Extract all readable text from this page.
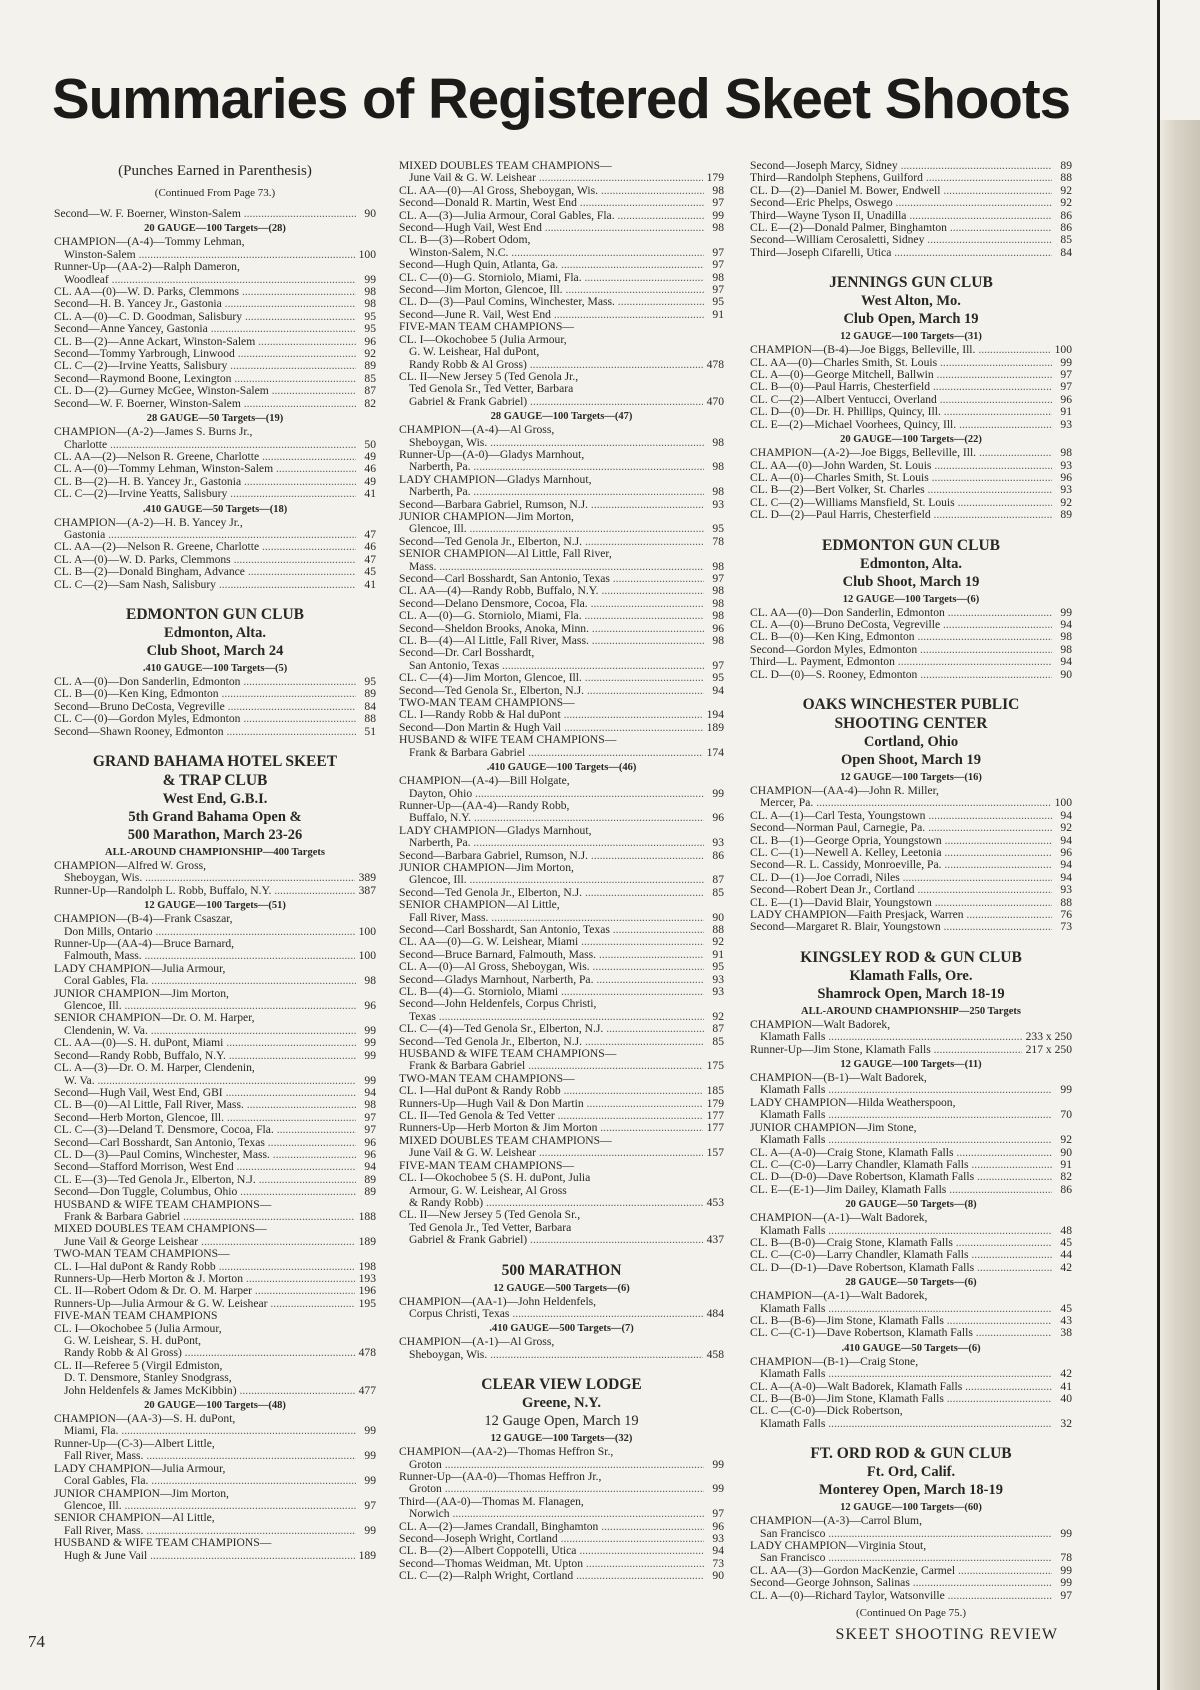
Summaries of Registered Skeet Shoots
(Punches Earned in Parenthesis)
(Continued From Page 73.)
Second—W. F. Boerner, Winston-Salem .....	90
20 GAUGE—100 Targets—(28)
CHAMPION—(A-4)—Tommy Lehman,
Winston-Salem .....	100
Runner-Up—(AA-2)—Ralph Dameron,
Woodleaf .....	99
CL. AA—(0)—W. D. Parks, Clemmons .....	98
Second—H. B. Yancey Jr., Gastonia .....	98
CL. A—(0)—C. D. Goodman, Salisbury .....	95
Second—Anne Yancey, Gastonia .....	95
CL. B—(2)—Anne Ackart, Winston-Salem .....	96
Second—Tommy Yarbrough, Linwood .....	92
CL. C—(2)—Irvine Yeatts, Salisbury .....	89
Second—Raymond Boone, Lexington .....	85
CL. D—(2)—Gurney McGee, Winston-Salem .....	87
Second—W. F. Boerner, Winston-Salem .....	82
28 GAUGE—50 Targets—(19)
CHAMPION—(A-2)—James S. Burns Jr.,
Charlotte .....	50
CL. AA—(2)—Nelson R. Greene, Charlotte .....	49
CL. A—(0)—Tommy Lehman, Winston-Salem .....	46
CL. B—(2)—H. B. Yancey Jr., Gastonia .....	49
CL. C—(2)—Irvine Yeatts, Salisbury .....	41
.410 GAUGE—50 Targets—(18)
CHAMPION—(A-2)—H. B. Yancey Jr.,
Gastonia .....	47
CL. AA—(2)—Nelson R. Greene, Charlotte .....	46
CL. A—(0)—W. D. Parks, Clemmons .....	47
CL. B—(2)—Donald Bingham, Advance .....	45
CL. C—(2)—Sam Nash, Salisbury .....	41
EDMONTON GUN CLUB
Edmonton, Alta.
Club Shoot, March 24
.410 GAUGE—100 Targets—(5)
CL. A—(0)—Don Sanderlin, Edmonton .....	95
CL. B—(0)—Ken King, Edmonton .....	89
Second—Bruno DeCosta, Vegreville .....	84
CL. C—(0)—Gordon Myles, Edmonton .....	88
Second—Shawn Rooney, Edmonton .....	51
GRAND BAHAMA HOTEL SKEET
& TRAP CLUB
West End, G.B.I.
5th Grand Bahama Open &
500 Marathon, March 23-26
ALL-AROUND CHAMPIONSHIP—400 Targets
CHAMPION—Alfred W. Gross,
Sheboygan, Wis. .....	389
Runner-Up—Randolph L. Robb, Buffalo, N.Y. .....	387
12 GAUGE—100 Targets—(51)
CHAMPION—(B-4)—Frank Csaszar,
Don Mills, Ontario .....	100
Runner-Up—(AA-4)—Bruce Barnard,
Falmouth, Mass. .....	100
LADY CHAMPION—Julia Armour,
Coral Gables, Fla. .....	98
JUNIOR CHAMPION—Jim Morton,
Glencoe, Ill. .....	96
SENIOR CHAMPION—Dr. O. M. Harper,
Clendenin, W. Va. .....	99
CL. AA—(0)—S. H. duPont, Miami .....	99
Second—Randy Robb, Buffalo, N.Y. .....	99
CL. A—(3)—Dr. O. M. Harper, Clendenin,
W. Va. .....	99
Second—Hugh Vail, West End, GBI .....	94
CL. B—(0)—Al Little, Fall River, Mass. .....	98
Second—Herb Morton, Glencoe, Ill. .....	97
CL. C—(3)—Deland T. Densmore, Cocoa, Fla. .....	97
Second—Carl Bosshardt, San Antonio, Texas .....	96
CL. D—(3)—Paul Comins, Winchester, Mass. .....	96
Second—Stafford Morrison, West End .....	94
CL. E—(3)—Ted Genola Jr., Elberton, N.J. .....	89
Second—Don Tuggle, Columbus, Ohio .....	89
HUSBAND & WIFE TEAM CHAMPIONS—
Frank & Barbara Gabriel .....	188
MIXED DOUBLES TEAM CHAMPIONS—
June Vail & George Leishear .....	189
TWO-MAN TEAM CHAMPIONS—
CL. I—Hal duPont & Randy Robb .....	198
Runners-Up—Herb Morton & J. Morton .....	193
CL. II—Robert Odom & Dr. O. M. Harper .....	196
Runners-Up—Julia Armour & G. W. Leishear .....	195
FIVE-MAN TEAM CHAMPIONS
CL. I—Okochobee 5 (Julia Armour,
G. W. Leishear, S. H. duPont,
Randy Robb & Al Gross) .....	478
CL. II—Referee 5 (Virgil Edmiston,
D. T. Densmore, Stanley Snodgrass,
John Heldenfels & James McKibbin) .....	477
20 GAUGE—100 Targets—(48)
CHAMPION—(AA-3)—S. H. duPont,
Miami, Fla. .....	99
Runner-Up—(C-3)—Albert Little,
Fall River, Mass. .....	99
LADY CHAMPION—Julia Armour,
Coral Gables, Fla. .....	99
JUNIOR CHAMPION—Jim Morton,
Glencoe, Ill. .....	97
SENIOR CHAMPION—Al Little,
Fall River, Mass. .....	99
HUSBAND & WIFE TEAM CHAMPIONS—
Hugh & June Vail .....	189
MIXED DOUBLES TEAM CHAMPIONS—
June Vail & G. W. Leishear .....	179
CL. AA—(0)—Al Gross, Sheboygan, Wis. .....	98
Second—Donald R. Martin, West End .....	97
CL. A—(3)—Julia Armour, Coral Gables, Fla. .....	99
Second—Hugh Vail, West End .....	98
CL. B—(3)—Robert Odom,
Winston-Salem, N.C. .....	97
Second—Hugh Quin, Atlanta, Ga. .....	97
CL. C—(0)—G. Storniolo, Miami, Fla. .....	98
Second—Jim Morton, Glencoe, Ill. .....	97
CL. D—(3)—Paul Comins, Winchester, Mass. .....	95
Second—June R. Vail, West End .....	91
FIVE-MAN TEAM CHAMPIONS—
CL. I—Okochobee 5 (Julia Armour,
G. W. Leishear, Hal duPont,
Randy Robb & Al Gross) .....	478
CL. II—New Jersey 5 (Ted Genola Jr.,
Ted Genola Sr., Ted Vetter, Barbara
Gabriel & Frank Gabriel) .....	470
28 GAUGE—100 Targets—(47)
CHAMPION—(A-4)—Al Gross,
Sheboygan, Wis. .....	98
Runner-Up—(A-0)—Gladys Marnhout,
Narberth, Pa. .....	98
LADY CHAMPION—Gladys Marnhout,
Narberth, Pa. .....	98
Second—Barbara Gabriel, Rumson, N.J. .....	93
JUNIOR CHAMPION—Jim Morton,
Glencoe, Ill. .....	95
Second—Ted Genola Jr., Elberton, N.J. .....	78
SENIOR CHAMPION—Al Little, Fall River,
Mass. .....	98
Second—Carl Bosshardt, San Antonio, Texas .....	97
CL. AA—(4)—Randy Robb, Buffalo, N.Y. .....	98
Second—Delano Densmore, Cocoa, Fla. .....	98
CL. A—(0)—G. Storniolo, Miami, Fla. .....	98
Second—Sheldon Brooks, Anoka, Minn. .....	96
CL. B—(4)—Al Little, Fall River, Mass. .....	98
Second—Dr. Carl Bosshardt,
San Antonio, Texas .....	97
CL. C—(4)—Jim Morton, Glencoe, Ill. .....	95
Second—Ted Genola Sr., Elberton, N.J. .....	94
TWO-MAN TEAM CHAMPIONS—
CL. I—Randy Robb & Hal duPont .....	194
Second—Don Martin & Hugh Vail .....	189
HUSBAND & WIFE TEAM CHAMPIONS—
Frank & Barbara Gabriel .....	174
.410 GAUGE—100 Targets—(46)
CHAMPION—(A-4)—Bill Holgate,
Dayton, Ohio .....	99
Runner-Up—(AA-4)—Randy Robb,
Buffalo, N.Y. .....	96
LADY CHAMPION—Gladys Marnhout,
Narberth, Pa. .....	93
Second—Barbara Gabriel, Rumson, N.J. .....	86
JUNIOR CHAMPION—Jim Morton,
Glencoe, Ill. .....	87
Second—Ted Genola Jr., Elberton, N.J. .....	85
SENIOR CHAMPION—Al Little,
Fall River, Mass. .....	90
Second—Carl Bosshardt, San Antonio, Texas .....	88
CL. AA—(0)—G. W. Leishear, Miami .....	92
Second—Bruce Barnard, Falmouth, Mass. .....	91
CL. A—(0)—Al Gross, Sheboygan, Wis. .....	95
Second—Gladys Marnhout, Narberth, Pa. .....	93
CL. B—(4)—G. Storniolo, Miami .....	93
Second—John Heldenfels, Corpus Christi,
Texas .....	92
CL. C—(4)—Ted Genola Sr., Elberton, N.J. .....	87
Second—Ted Genola Jr., Elberton, N.J. .....	85
HUSBAND & WIFE TEAM CHAMPIONS—
Frank & Barbara Gabriel .....	175
TWO-MAN TEAM CHAMPIONS—
CL. I—Hal duPont & Randy Robb .....	185
Runners-Up—Hugh Vail & Don Martin .....	179
CL. II—Ted Genola & Ted Vetter .....	177
Runners-Up—Herb Morton & Jim Morton .....	177
MIXED DOUBLES TEAM CHAMPIONS—
June Vail & G. W. Leishear .....	157
FIVE-MAN TEAM CHAMPIONS—
CL. I—Okochobee 5 (S. H. duPont, Julia
Armour, G. W. Leishear, Al Gross
& Randy Robb) .....	453
CL. II—New Jersey 5 (Ted Genola Sr.,
Ted Genola Jr., Ted Vetter, Barbara
Gabriel & Frank Gabriel) .....	437
500 MARATHON
12 GAUGE—500 Targets—(6)
CHAMPION—(AA-1)—John Heldenfels,
Corpus Christi, Texas .....	484
.410 GAUGE—500 Targets—(7)
CHAMPION—(A-1)—Al Gross,
Sheboygan, Wis. .....	458
CLEAR VIEW LODGE
Greene, N.Y.
12 Gauge Open, March 19
12 GAUGE—100 Targets—(32)
CHAMPION—(AA-2)—Thomas Heffron Sr.,
Groton .....	99
Runner-Up—(AA-0)—Thomas Heffron Jr.,
Groton .....	99
Third—(AA-0)—Thomas M. Flanagen,
Norwich .....	97
CL. A—(2)—James Crandall, Binghamton .....	96
Second—Joseph Wright, Cortland .....	93
CL. B—(2)—Albert Coppotelli, Utica .....	94
Second—Thomas Weidman, Mt. Upton .....	73
CL. C—(2)—Ralph Wright, Cortland .....	90
Second—Joseph Marcy, Sidney .....	89
Third—Randolph Stephens, Guilford .....	88
CL. D—(2)—Daniel M. Bower, Endwell .....	92
Second—Eric Phelps, Oswego .....	92
Third—Wayne Tyson II, Unadilla .....	86
CL. E—(2)—Donald Palmer, Binghamton .....	86
Second—William Cerosaletti, Sidney .....	85
Third—Joseph Cifarelli, Utica .....	84
JENNINGS GUN CLUB
West Alton, Mo.
Club Open, March 19
12 GAUGE—100 Targets—(31)
CHAMPION—(B-4)—Joe Biggs, Belleville, Ill. .....	100
CL. AA—(0)—Charles Smith, St. Louis .....	99
CL. A—(0)—George Mitchell, Ballwin .....	97
CL. B—(0)—Paul Harris, Chesterfield .....	97
CL. C—(2)—Albert Ventucci, Overland .....	96
CL. D—(0)—Dr. H. Phillips, Quincy, Ill. .....	91
CL. E—(2)—Michael Voorhees, Quincy, Ill. .....	93
20 GAUGE—100 Targets—(22)
CHAMPION—(A-2)—Joe Biggs, Belleville, Ill. .....	98
CL. AA—(0)—John Warden, St. Louis .....	93
CL. A—(0)—Charles Smith, St. Louis .....	96
CL. B—(2)—Bert Volker, St. Charles .....	93
CL. C—(2)—Williams Mansfield, St. Louis .....	92
CL. D—(2)—Paul Harris, Chesterfield .....	89
EDMONTON GUN CLUB
Edmonton, Alta.
Club Shoot, March 19
12 GAUGE—100 Targets—(6)
CL. AA—(0)—Don Sanderlin, Edmonton .....	99
CL. A—(0)—Bruno DeCosta, Vegreville .....	94
CL. B—(0)—Ken King, Edmonton .....	98
Second—Gordon Myles, Edmonton .....	98
Third—L. Payment, Edmonton .....	94
CL. D—(0)—S. Rooney, Edmonton .....	90
OAKS WINCHESTER PUBLIC
SHOOTING CENTER
Cortland, Ohio
Open Shoot, March 19
12 GAUGE—100 Targets—(16)
CHAMPION—(AA-4)—John R. Miller,
Mercer, Pa. .....	100
CL. A—(1)—Carl Testa, Youngstown .....	94
Second—Norman Paul, Carnegie, Pa. .....	92
CL. B—(1)—George Opria, Youngstown .....	94
CL. C—(1)—Newell A. Kelley, Leetonia .....	96
Second—R. L. Cassidy, Monroeville, Pa. .....	94
CL. D—(1)—Joe Corradi, Niles .....	94
Second—Robert Dean Jr., Cortland .....	93
CL. E—(1)—David Blair, Youngstown .....	88
LADY CHAMPION—Faith Presjack, Warren .....	76
Second—Margaret R. Blair, Youngstown .....	73
KINGSLEY ROD & GUN CLUB
Klamath Falls, Ore.
Shamrock Open, March 18-19
ALL-AROUND CHAMPIONSHIP—250 Targets
CHAMPION—Walt Badorek,
Klamath Falls .....	233 x 250
Runner-Up—Jim Stone, Klamath Falls .....	217 x 250
12 GAUGE—100 Targets—(11)
CHAMPION—(B-1)—Walt Badorek,
Klamath Falls .....	99
LADY CHAMPION—Hilda Weatherspoon,
Klamath Falls .....	70
JUNIOR CHAMPION—Jim Stone,
Klamath Falls .....	92
CL. A—(A-0)—Craig Stone, Klamath Falls .....	90
CL. C—(C-0)—Larry Chandler, Klamath Falls .....	91
CL. D—(D-0)—Dave Robertson, Klamath Falls .....	82
CL. E—(E-1)—Jim Dailey, Klamath Falls .....	86
20 GAUGE—50 Targets—(8)
CHAMPION—(A-1)—Walt Badorek,
Klamath Falls .....	48
CL. B—(B-0)—Craig Stone, Klamath Falls .....	45
CL. C—(C-0)—Larry Chandler, Klamath Falls .....	44
CL. D—(D-1)—Dave Robertson, Klamath Falls .....	42
28 GAUGE—50 Targets—(6)
CHAMPION—(A-1)—Walt Badorek,
Klamath Falls .....	45
CL. B—(B-6)—Jim Stone, Klamath Falls .....	43
CL. C—(C-1)—Dave Robertson, Klamath Falls .....	38
.410 GAUGE—50 Targets—(6)
CHAMPION—(B-1)—Craig Stone,
Klamath Falls .....	42
CL. A—(A-0)—Walt Badorek, Klamath Falls .....	41
CL. B—(B-0)—Jim Stone, Klamath Falls .....	40
CL. C—(C-0)—Dick Robertson,
Klamath Falls .....	32
FT. ORD ROD & GUN CLUB
Ft. Ord, Calif.
Monterey Open, March 18-19
12 GAUGE—100 Targets—(60)
CHAMPION—(A-3)—Carrol Blum,
San Francisco .....	99
LADY CHAMPION—Virginia Stout,
San Francisco .....	78
CL. AA—(3)—Gordon MacKenzie, Carmel .....	99
Second—George Johnson, Salinas .....	99
CL. A—(0)—Richard Taylor, Watsonville .....	97
(Continued On Page 75.)
74	SKEET SHOOTING REVIEW
